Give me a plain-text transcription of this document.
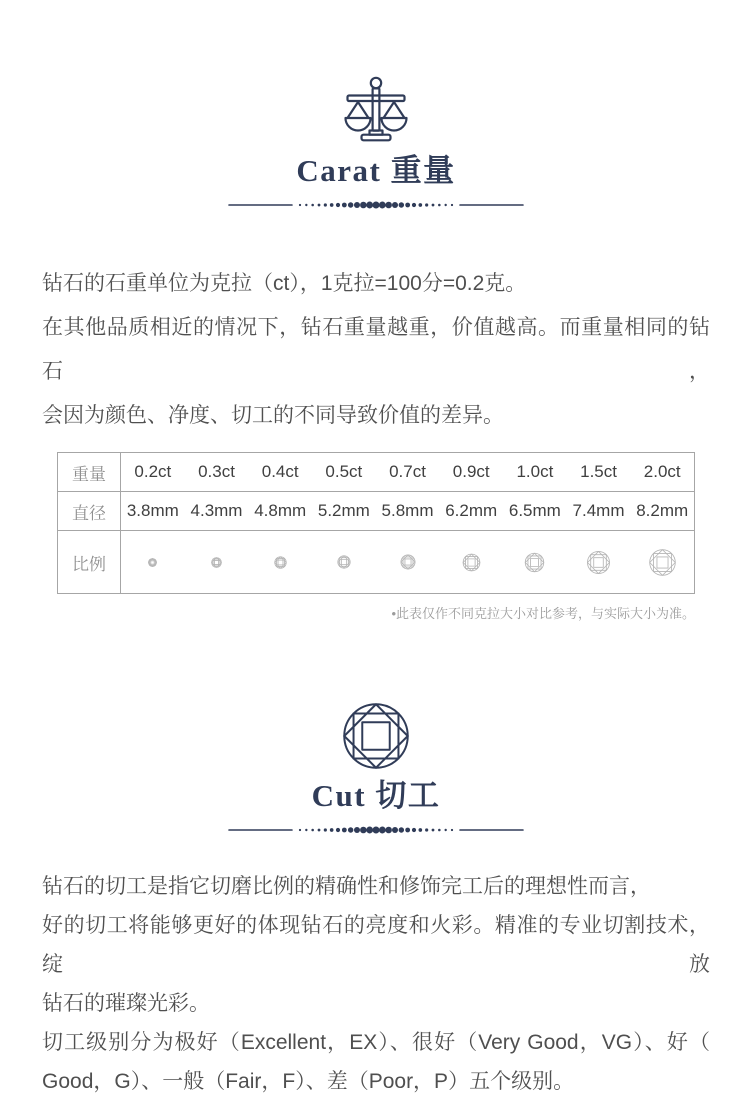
Carat 重量
钻石的石重单位为克拉（ct），1克拉=100分=0.2克。
在其他品质相近的情况下，钻石重量越重，价值越高。而重量相同的钻石，
会因为颜色、净度、切工的不同导致价值的差异。
重量	0.2ct	0.3ct	0.4ct	0.5ct	0.7ct	0.9ct	1.0ct	1.5ct	2.0ct
直径	3.8mm 4.3mm 4.8mm 5.2mm 5.8mm 6.2mm 6.5mm 7.4mm 8.2mm
比例
•此表仅作不同克拉大小对比参考，与实际大小为准。
Cut 切工
钻石的切工是指它切磨比例的精确性和修饰完工后的理想性而言，
好的切工将能够更好的体现钻石的亮度和火彩。精准的专业切割技术，绽放
钻石的璀璨光彩。
切工级别分为极好（Excellent，EX）、很好（Very Good，VG）、好（
Good，G）、一般（Fair，F）、差（Poor，P）五个级别。
